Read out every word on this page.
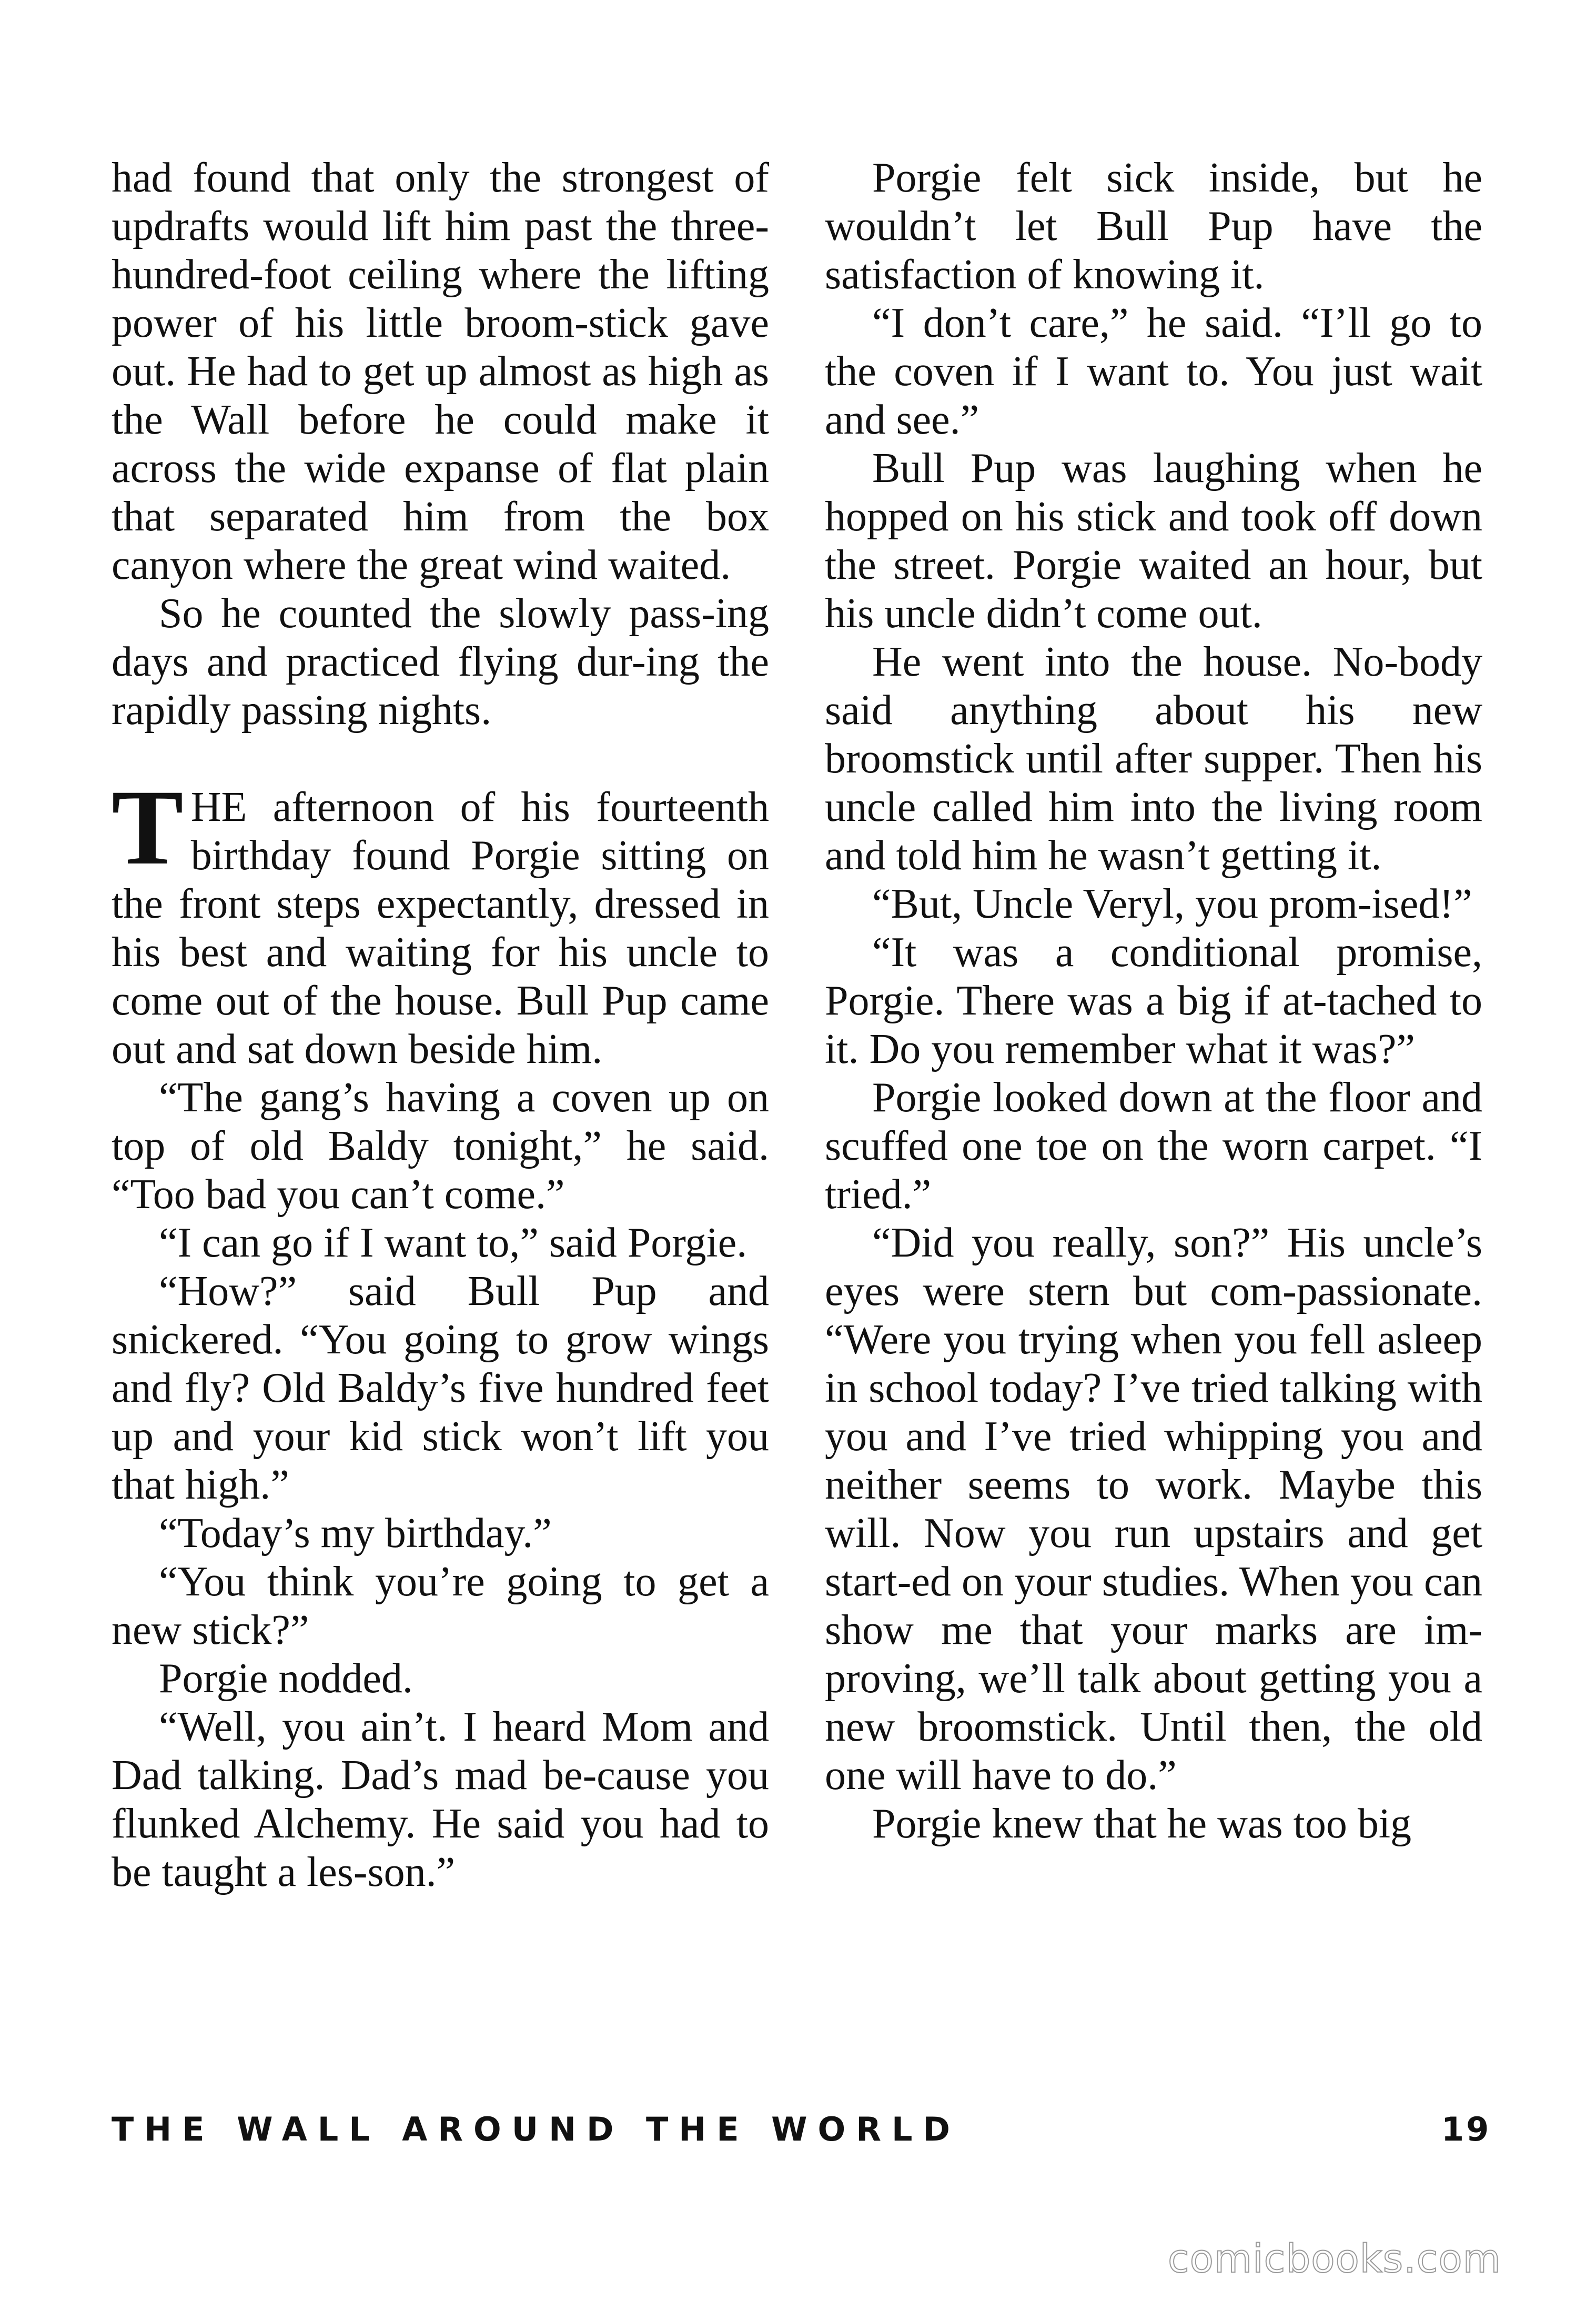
had found that only the strongest of updrafts would lift him past the three-hundred-foot ceiling where the lifting power of his little broom-stick gave out. He had to get up almost as high as the Wall before he could make it across the wide expanse of flat plain that separated him from the box canyon where the great wind waited.

So he counted the slowly pass-ing days and practiced flying dur-ing the rapidly passing nights.

THE afternoon of his fourteenth birthday found Porgie sitting on the front steps expectantly, dressed in his best and waiting for his uncle to come out of the house. Bull Pup came out and sat down beside him.

“The gang’s having a coven up on top of old Baldy tonight,” he said. “Too bad you can’t come.”

“I can go if I want to,” said Porgie.

“How?” said Bull Pup and snickered. “You going to grow wings and fly? Old Baldy’s five hundred feet up and your kid stick won’t lift you that high.”

“Today’s my birthday.”

“You think you’re going to get a new stick?”

Porgie nodded.

“Well, you ain’t. I heard Mom and Dad talking. Dad’s mad be-cause you flunked Alchemy. He said you had to be taught a les-son.”

Porgie felt sick inside, but he wouldn’t let Bull Pup have the satisfaction of knowing it.

“I don’t care,” he said. “I’ll go to the coven if I want to. You just wait and see.”

Bull Pup was laughing when he hopped on his stick and took off down the street. Porgie waited an hour, but his uncle didn’t come out.

He went into the house. No-body said anything about his new broomstick until after supper. Then his uncle called him into the living room and told him he wasn’t getting it.

“But, Uncle Veryl, you prom-ised!”

“It was a conditional promise, Porgie. There was a big if at-tached to it. Do you remember what it was?”

Porgie looked down at the floor and scuffed one toe on the worn carpet. “I tried.”

“Did you really, son?” His uncle’s eyes were stern but com-passionate. “Were you trying when you fell asleep in school today? I’ve tried talking with you and I’ve tried whipping you and neither seems to work. Maybe this will. Now you run upstairs and get start-ed on your studies. When you can show me that your marks are im-proving, we’ll talk about getting you a new broomstick. Until then, the old one will have to do.”

Porgie knew that he was too big

THE WALL AROUND THE WORLD	19
comicbooks.com
